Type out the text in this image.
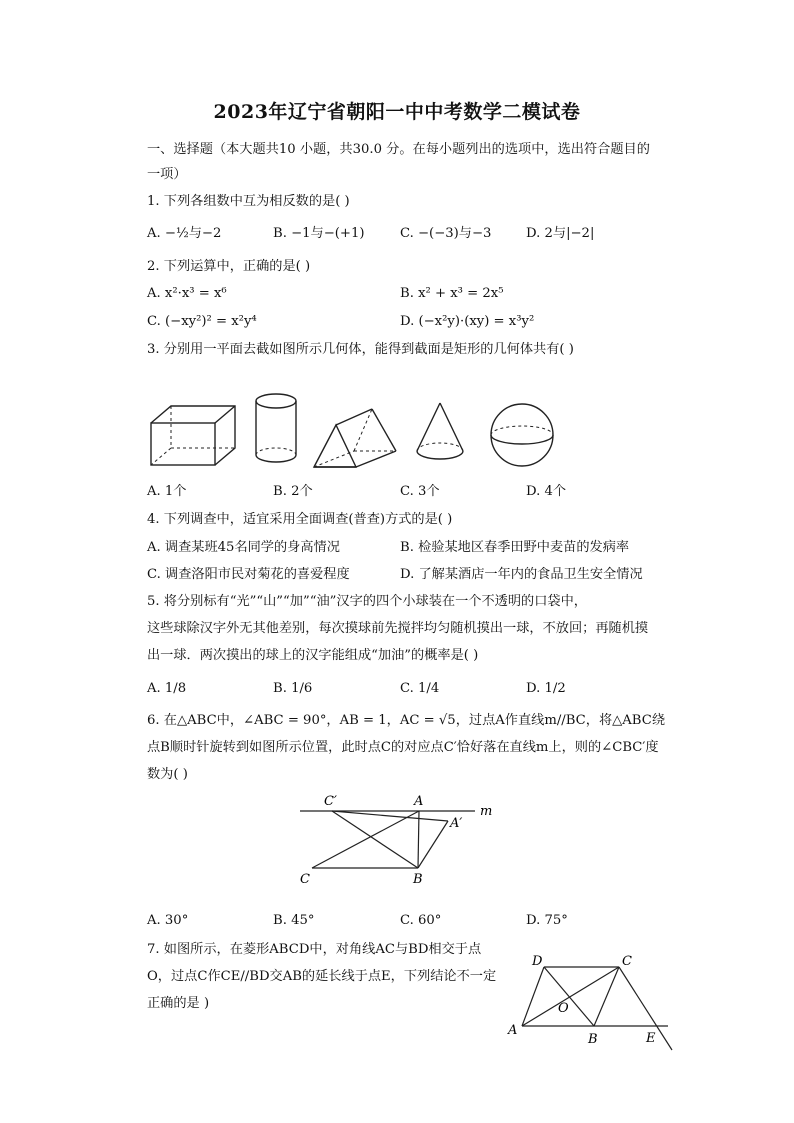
2023年辽宁省朝阳一中中考数学二模试卷
一、选择题（本大题共10 小题，共30.0 分。在每小题列出的选项中，选出符合题目的
一项）
1. 下列各组数中互为相反数的是( )
A. −½与−2	B. −1与−(+1)	C. −(−3)与−3	D. 2与|−2|
2. 下列运算中，正确的是( )
A. x²·x³ = x⁶	B. x² + x³ = 2x⁵
C. (−xy²)² = x²y⁴	D. (−x²y)·(xy) = x³y²
3. 分别用一平面去截如图所示几何体，能得到截面是矩形的几何体共有( )
A. 1个	B. 2个	C. 3个	D. 4个
4. 下列调查中，适宜采用全面调查(普查)方式的是( )
A. 调查某班45名同学的身高情况	B. 检验某地区春季田野中麦苗的发病率
C. 调查洛阳市民对菊花的喜爱程度	D. 了解某酒店一年内的食品卫生安全情况
5. 将分别标有“光”“山”“加”“油”汉字的四个小球装在一个不透明的口袋中，
这些球除汉字外无其他差别，每次摸球前先搅拌均匀随机摸出一球，不放回；再随机摸
出一球．两次摸出的球上的汉字能组成“加油”的概率是( )
A. 1/8	B. 1/6	C. 1/4	D. 1/2
6. 在△ABC中，∠ABC = 90°，AB = 1，AC = √5，过点A作直线m//BC，将△ABC绕
点B顺时针旋转到如图所示位置，此时点C的对应点C′恰好落在直线m上，则的∠CBC′度
数为( )
C′	A
A′
m
C	B
A. 30°	B. 45°	C. 60°	D. 75°
7. 如图所示，在菱形ABCD中，对角线AC与BD相交于点
O，过点C作CE//BD交AB的延长线于点E，下列结论不一定
正确的是 )
D	C
O
A
B	E
